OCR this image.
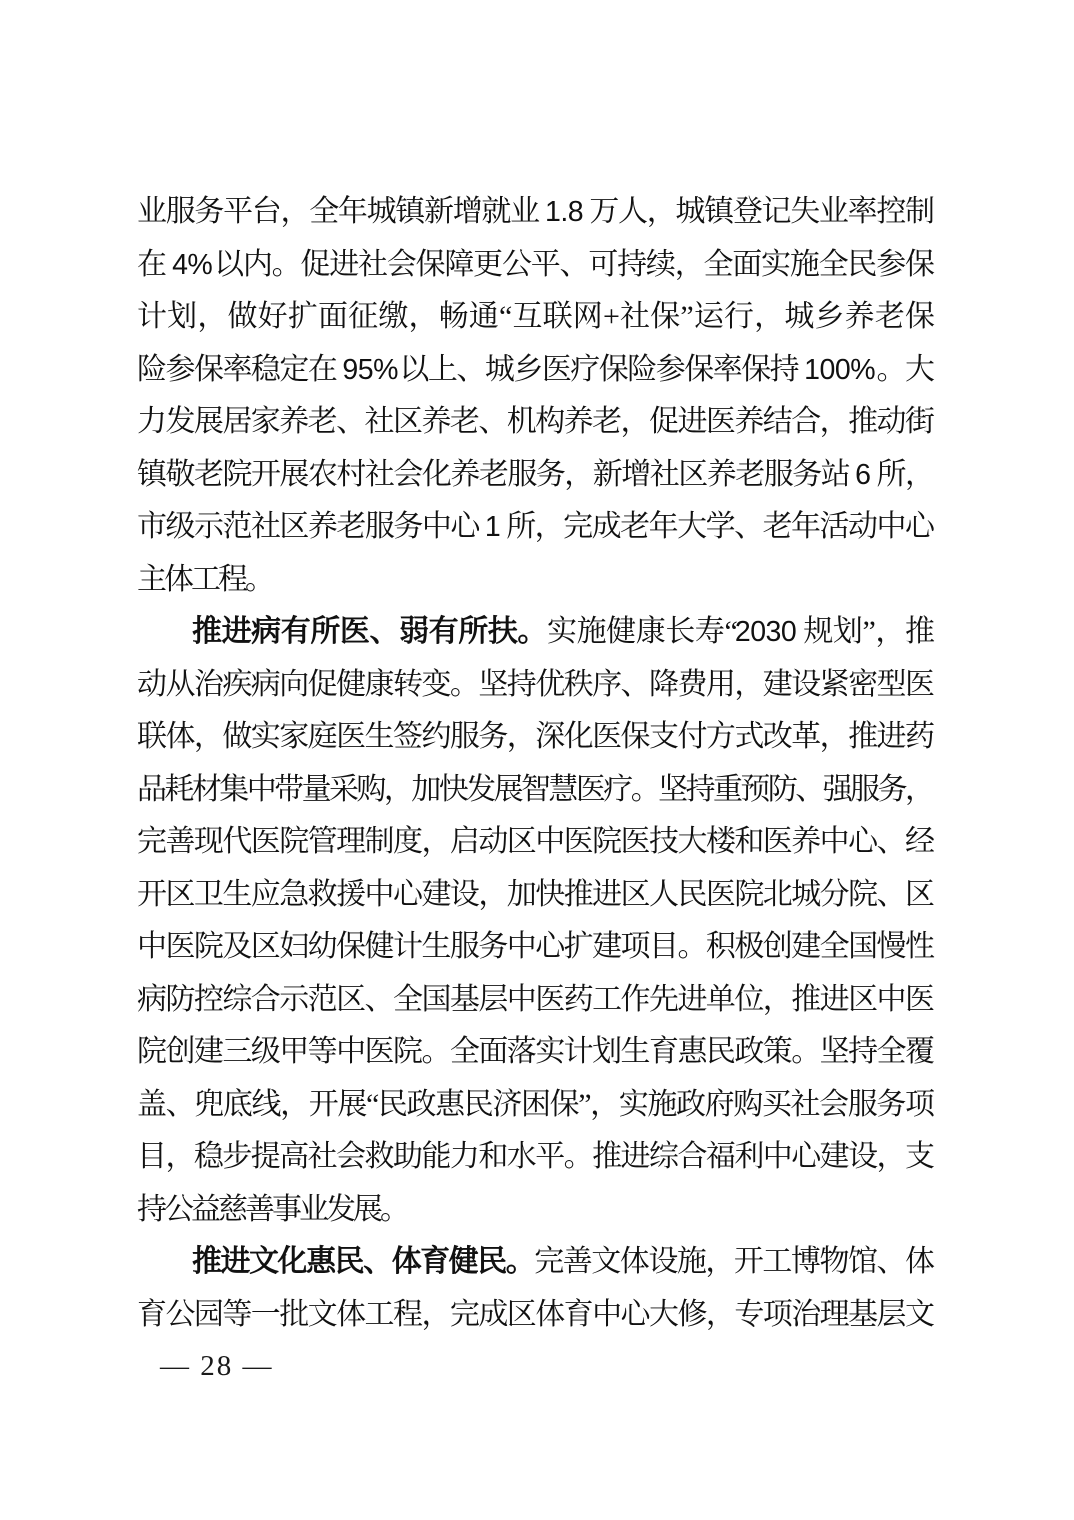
业服务平台，全年城镇新增就业 1.8 万人，城镇登记失业率控制
在 4%以内。促进社会保障更公平、可持续，全面实施全民参保
计划，做好扩面征缴，畅通“互联网+社保”运行，城乡养老保
险参保率稳定在 95%以上、城乡医疗保险参保率保持 100%。大
力发展居家养老、社区养老、机构养老，促进医养结合，推动街
镇敬老院开展农村社会化养老服务，新增社区养老服务站 6 所，
市级示范社区养老服务中心 1 所，完成老年大学、老年活动中心
主体工程。
推进病有所医、弱有所扶。实施健康长寿“2030 规划”，推
动从治疾病向促健康转变。坚持优秩序、降费用，建设紧密型医
联体，做实家庭医生签约服务，深化医保支付方式改革，推进药
品耗材集中带量采购，加快发展智慧医疗。坚持重预防、强服务，
完善现代医院管理制度，启动区中医院医技大楼和医养中心、经
开区卫生应急救援中心建设，加快推进区人民医院北城分院、区
中医院及区妇幼保健计生服务中心扩建项目。积极创建全国慢性
病防控综合示范区、全国基层中医药工作先进单位，推进区中医
院创建三级甲等中医院。全面落实计划生育惠民政策。坚持全覆
盖、兜底线，开展“民政惠民济困保”，实施政府购买社会服务项
目，稳步提高社会救助能力和水平。推进综合福利中心建设，支
持公益慈善事业发展。
推进文化惠民、体育健民。完善文体设施，开工博物馆、体
育公园等一批文体工程，完成区体育中心大修，专项治理基层文
— 28 —
